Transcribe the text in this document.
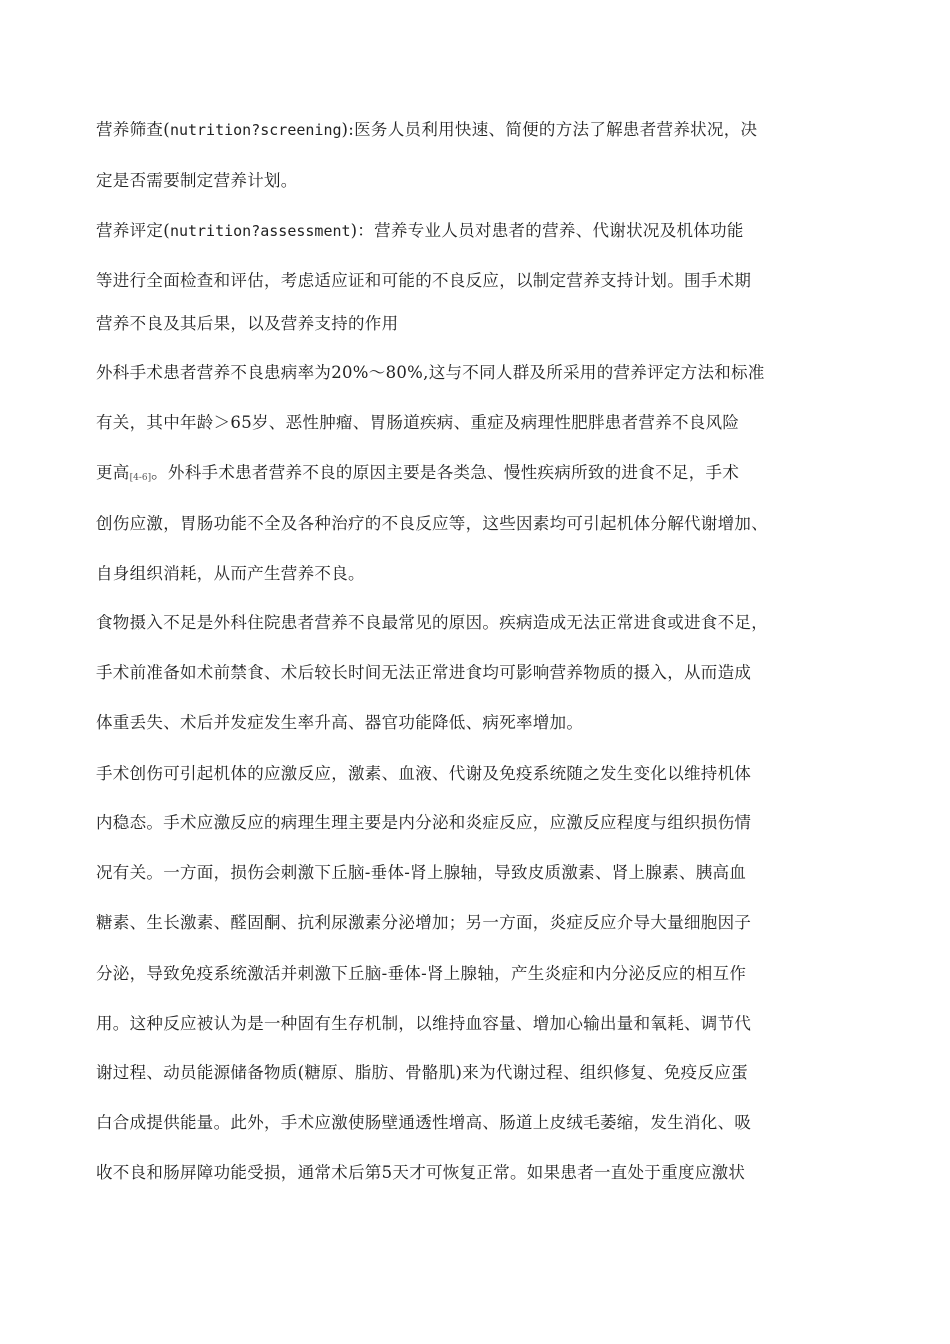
营养筛查(nutrition?screening):医务人员利用快速、简便的方法了解患者营养状况，决
定是否需要制定营养计划。
营养评定(nutrition?assessment)：营养专业人员对患者的营养、代谢状况及机体功能
等进行全面检查和评估，考虑适应证和可能的不良反应，以制定营养支持计划。围手术期
营养不良及其后果，以及营养支持的作用
外科手术患者营养不良患病率为20%～80%,这与不同人群及所采用的营养评定方法和标准
有关，其中年龄＞65岁、恶性肿瘤、胃肠道疾病、重症及病理性肥胖患者营养不良风险
更高[4-6]。外科手术患者营养不良的原因主要是各类急、慢性疾病所致的进食不足，手术
创伤应激，胃肠功能不全及各种治疗的不良反应等，这些因素均可引起机体分解代谢增加、
自身组织消耗，从而产生营养不良。
食物摄入不足是外科住院患者营养不良最常见的原因。疾病造成无法正常进食或进食不足，
手术前准备如术前禁食、术后较长时间无法正常进食均可影响营养物质的摄入，从而造成
体重丢失、术后并发症发生率升高、器官功能降低、病死率增加。
手术创伤可引起机体的应激反应，激素、血液、代谢及免疫系统随之发生变化以维持机体
内稳态。手术应激反应的病理生理主要是内分泌和炎症反应，应激反应程度与组织损伤情
况有关。一方面，损伤会刺激下丘脑-垂体-肾上腺轴，导致皮质激素、肾上腺素、胰高血
糖素、生长激素、醛固酮、抗利尿激素分泌增加；另一方面，炎症反应介导大量细胞因子
分泌，导致免疫系统激活并刺激下丘脑-垂体-肾上腺轴，产生炎症和内分泌反应的相互作
用。这种反应被认为是一种固有生存机制，以维持血容量、增加心输出量和氧耗、调节代
谢过程、动员能源储备物质(糖原、脂肪、骨骼肌)来为代谢过程、组织修复、免疫反应蛋
白合成提供能量。此外，手术应激使肠壁通透性增高、肠道上皮绒毛萎缩，发生消化、吸
收不良和肠屏障功能受损，通常术后第5天才可恢复正常。如果患者一直处于重度应激状
